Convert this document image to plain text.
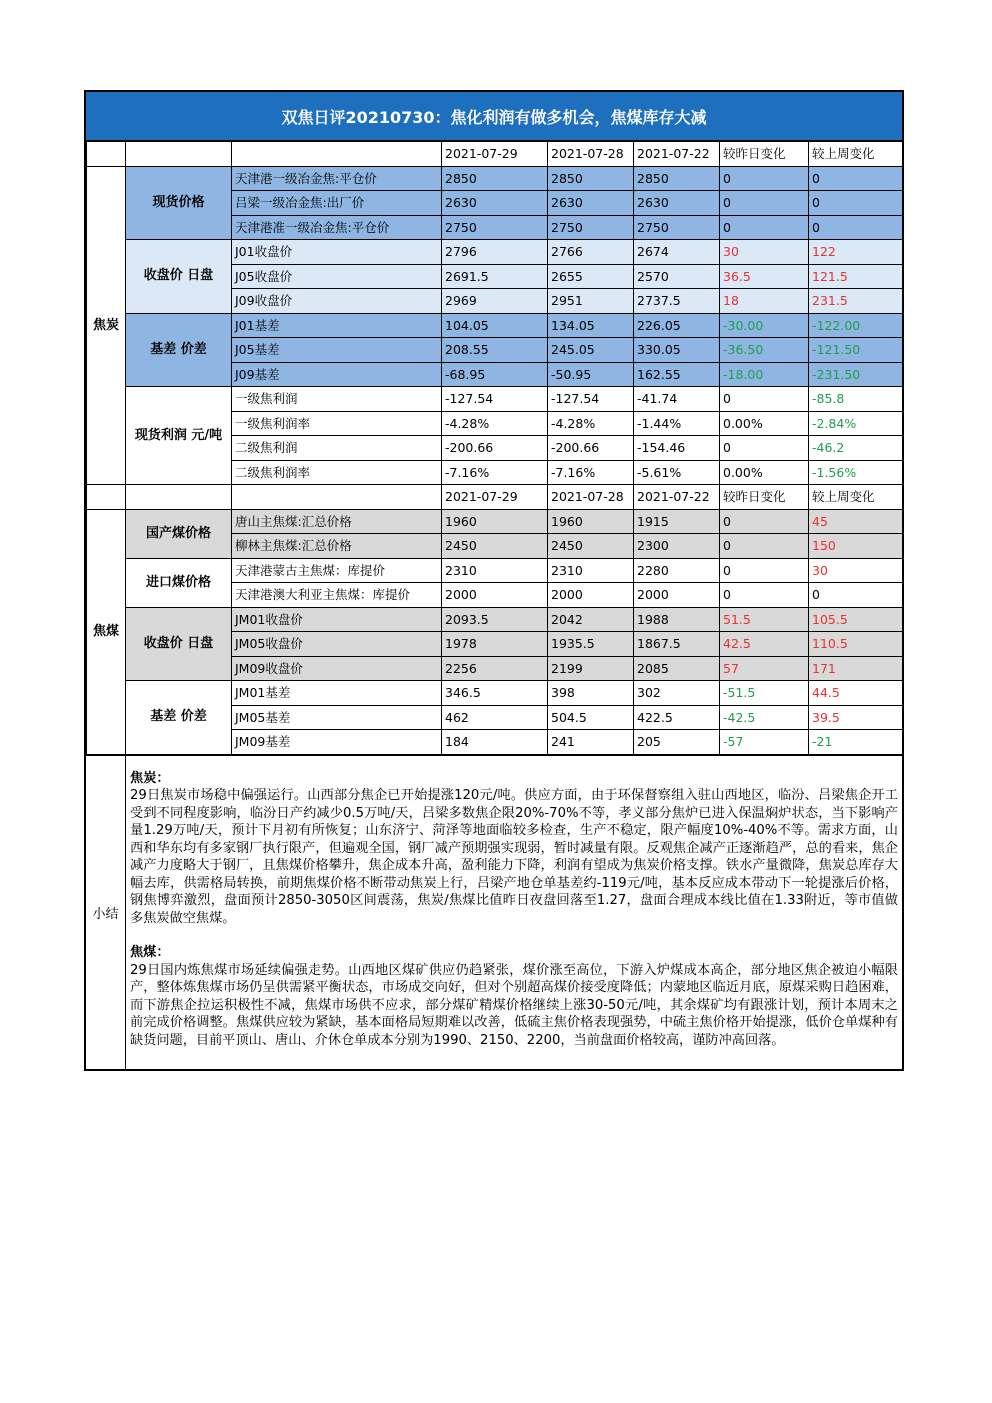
双焦日评20210730：焦化利润有做多机会，焦煤库存大减
			2021-07-29	2021-07-28	2021-07-22	较昨日变化	较上周变化
焦炭	现货价格	天津港一级冶金焦:平仓价	2850	2850	2850	0	0
		吕梁一级冶金焦:出厂价	2630	2630	2630	0	0
		天津港准一级冶金焦:平仓价	2750	2750	2750	0	0
	收盘价 日盘	J01收盘价	2796	2766	2674	30	122
		J05收盘价	2691.5	2655	2570	36.5	121.5
		J09收盘价	2969	2951	2737.5	18	231.5
	基差 价差	J01基差	104.05	134.05	226.05	-30.00	-122.00
		J05基差	208.55	245.05	330.05	-36.50	-121.50
		J09基差	-68.95	-50.95	162.55	-18.00	-231.50
	现货利润 元/吨	一级焦利润	-127.54	-127.54	-41.74	0	-85.8
		一级焦利润率	-4.28%	-4.28%	-1.44%	0.00%	-2.84%
		二级焦利润	-200.66	-200.66	-154.46	0	-46.2
		二级焦利润率	-7.16%	-7.16%	-5.61%	0.00%	-1.56%
			2021-07-29	2021-07-28	2021-07-22	较昨日变化	较上周变化
焦煤	国产煤价格	唐山主焦煤:汇总价格	1960	1960	1915	0	45
		柳林主焦煤:汇总价格	2450	2450	2300	0	150
	进口煤价格	天津港蒙古主焦煤：库提价	2310	2310	2280	0	30
		天津港澳大利亚主焦煤：库提价	2000	2000	2000	0	0
	收盘价 日盘	JM01收盘价	2093.5	2042	1988	51.5	105.5
		JM05收盘价	1978	1935.5	1867.5	42.5	110.5
		JM09收盘价	2256	2199	2085	57	171
	基差 价差	JM01基差	346.5	398	302	-51.5	44.5
		JM05基差	462	504.5	422.5	-42.5	39.5
		JM09基差	184	241	205	-57	-21
小结
焦炭：

29日焦炭市场稳中偏强运行。山西部分焦企已开始提涨120元/吨。供应方面，由于环保督察组入驻山西地区，临汾、吕梁焦企开工受到不同程度影响，临汾日产约减少0.5万吨/天，吕梁多数焦企限20%-70%不等，孝义部分焦炉已进入保温焖炉状态，当下影响产量1.29万吨/天，预计下月初有所恢复；山东济宁、菏泽等地面临较多检查，生产不稳定，限产幅度10%-40%不等。需求方面，山西和华东均有多家钢厂执行限产，但遍观全国，钢厂减产预期强实现弱，暂时减量有限。反观焦企减产正逐渐趋严，总的看来，焦企减产力度略大于钢厂，且焦煤价格攀升，焦企成本升高，盈利能力下降，利润有望成为焦炭价格支撑。铁水产量微降，焦炭总库存大幅去库，供需格局转换，前期焦煤价格不断带动焦炭上行，吕梁产地仓单基差约-119元/吨，基本反应成本带动下一轮提涨后价格，钢焦博弈激烈，盘面预计2850-3050区间震荡，焦炭/焦煤比值昨日夜盘回落至1.27，盘面合理成本线比值在1.33附近，等市值做多焦炭做空焦煤。

焦煤：

29日国内炼焦煤市场延续偏强走势。山西地区煤矿供应仍趋紧张，煤价涨至高位，下游入炉煤成本高企，部分地区焦企被迫小幅限产，整体炼焦煤市场仍呈供需紧平衡状态，市场成交向好，但对个别超高煤价接受度降低；内蒙地区临近月底，原煤采购日趋困难，而下游焦企拉运积极性不减，焦煤市场供不应求，部分煤矿精煤价格继续上涨30-50元/吨，其余煤矿均有跟涨计划，预计本周末之前完成价格调整。焦煤供应较为紧缺，基本面格局短期难以改善，低硫主焦价格表现强势，中硫主焦价格开始提涨，低价仓单煤种有缺货问题，目前平顶山、唐山、介休仓单成本分别为1990、2150、2200，当前盘面价格较高，谨防冲高回落。
